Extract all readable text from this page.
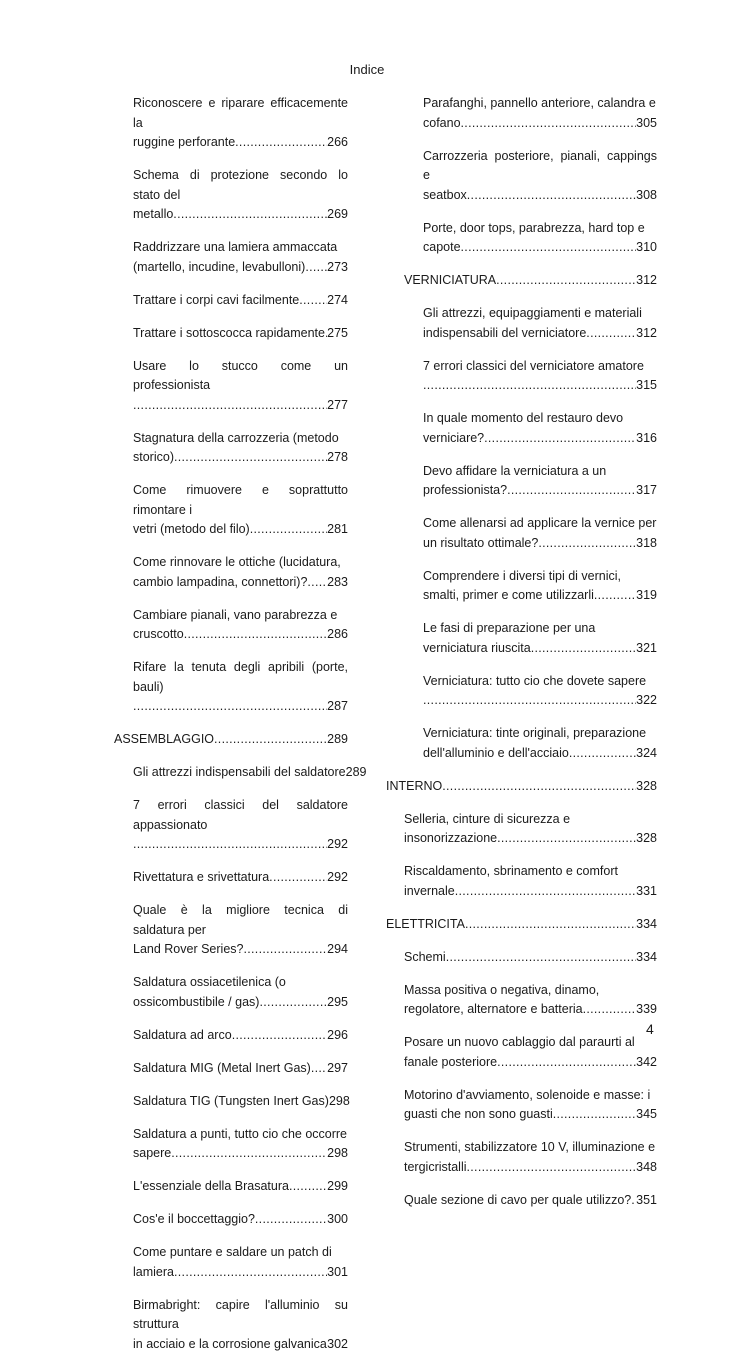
Indice
Riconoscere e riparare efficacemente la
ruggine perforante .....	266
Schema di protezione secondo lo stato del
metallo .....	269
Raddrizzare una lamiera ammaccata
(martello, incudine, levabulloni) ..... 273
Trattare i corpi cavi facilmente ..... 274
Trattare i sottoscocca rapidamente ..... 275
Usare lo stucco come un professionista
.....
277
Stagnatura della carrozzeria (metodo
storico) .....	278
Come rimuovere e soprattutto rimontare i
vetri (metodo del filo) .....	281
Come rinnovare le ottiche (lucidatura,
cambio lampadina, connettori)? ..... 283
Cambiare pianali, vano parabrezza e
cruscotto .....	286
Rifare la tenuta degli apribili (porte, bauli)
.....
287
ASSEMBLAGGIO .....	289
Gli attrezzi indispensabili del saldatore 289
7 errori classici del saldatore appassionato
.....
292
Rivettatura e srivettatura .....	292
Quale è la migliore tecnica di saldatura per
Land Rover Series? .....	294
Saldatura ossiacetilenica (o
ossicombustibile / gas) .....	295
Saldatura ad arco .....	296
Saldatura MIG (Metal Inert Gas) ..... 297
Saldatura TIG (Tungsten Inert Gas) 298
Saldatura a punti, tutto cio che occorre
sapere .....	298
L'essenziale della Brasatura .....	299
Cos'e il boccettaggio? .....	300
Come puntare e saldare un patch di
lamiera .....	301
Birmabright: capire l'alluminio su struttura
in acciaio e la corrosione galvanica ..... 302
Parafanghi, pannello anteriore, calandra e
cofano .....	305
Carrozzeria posteriore, pianali, cappings e
seatbox .....	308
Porte, door tops, parabrezza, hard top e
capote .....	310
VERNICIATURA .....	312
Gli attrezzi, equipaggiamenti e materiali
indispensabili del verniciatore .....	312
7 errori classici del verniciatore amatore
.....
315
In quale momento del restauro devo
verniciare? .....	316
Devo affidare la verniciatura a un
professionista? .....	317
Come allenarsi ad applicare la vernice per
un risultato ottimale? .....	318
Comprendere i diversi tipi di vernici,
smalti, primer e come utilizzarli .....	319
Le fasi di preparazione per una
verniciatura riuscita .....	321
Verniciatura: tutto cio che dovete sapere
.....
322
Verniciatura: tinte originali, preparazione
dell'alluminio e dell'acciaio .....	324
INTERNO .....	328
Selleria, cinture di sicurezza e
insonorizzazione .....	328
Riscaldamento, sbrinamento e comfort
invernale .....	331
ELETTRICITA .....	334
Schemi .....	334
Massa positiva o negativa, dinamo,
regolatore, alternatore e batteria .....	339
Posare un nuovo cablaggio dal paraurti al
fanale posteriore .....	342
Motorino d'avviamento, solenoide e masse: i
guasti che non sono guasti .....	345
Strumenti, stabilizzatore 10 V, illuminazione e
tergicristalli .....	348
Quale sezione di cavo per quale utilizzo? ..... 351
4
